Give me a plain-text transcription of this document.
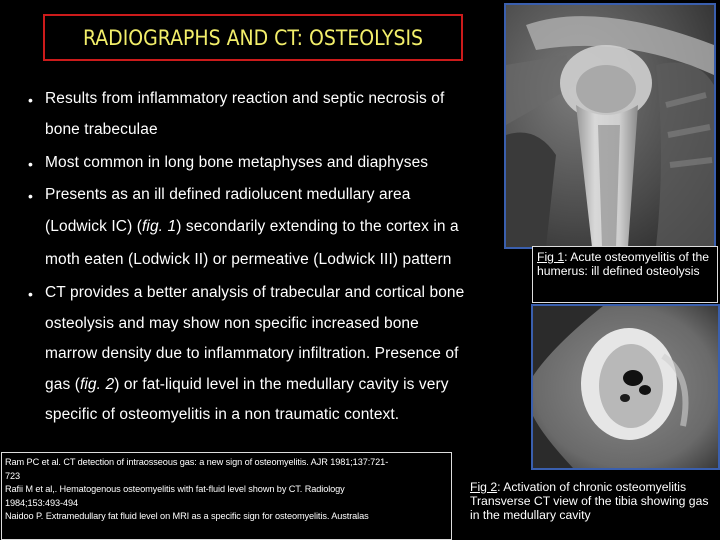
RADIOGRAPHS AND CT: OSTEOLYSIS
• Results from inflammatory reaction and septic necrosis of
bone trabeculae
• Most common in long bone metaphyses and diaphyses
• Presents as an ill defined radiolucent medullary area
(Lodwick IC) (fig. 1) secondarily extending to the cortex in a
moth eaten (Lodwick II) or permeative (Lodwick III) pattern
• CT provides a better analysis of trabecular and cortical bone
osteolysis and may show non specific increased bone
marrow density due to inflammatory infiltration. Presence of
gas (fig. 2) or fat-liquid level in the medullary cavity is very
specific of osteomyelitis in a non traumatic context.
Fig 1: Acute osteomyelitis of the humerus: ill defined osteolysis
Ram PC et al. CT detection of intraosseous gas: a new sign of osteomyelitis. AJR 1981;137:721-
723
Rafii M et al,. Hematogenous osteomyelitis with fat-fluid level shown by CT. Radiology
1984;153:493-494
Naidoo P. Extramedullary fat fluid level on MRI as a specific sign for osteomyelitis. Australas
Fig 2: Activation of chronic osteomyelitis Transverse CT view of the tibia showing gas in the medullary cavity
